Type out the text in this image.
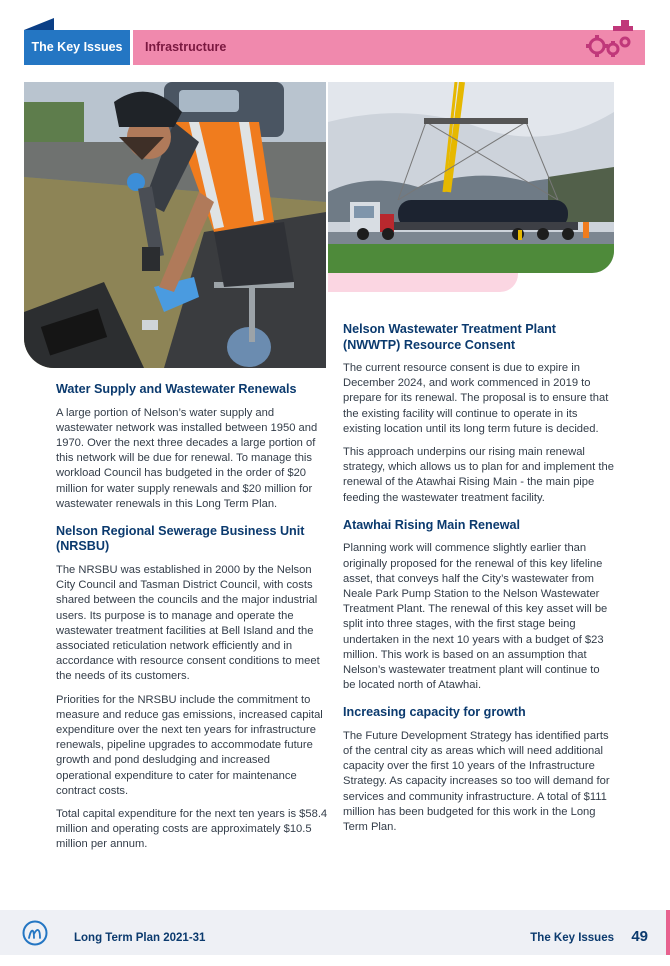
The Key Issues	Infrastructure
Water Supply and Wastewater Renewals

A large portion of Nelson’s water supply and wastewater network was installed between 1950 and 1970. Over the next three decades a large portion of this network will be due for renewal. To manage this workload Council has budgeted in the order of $20 million for water supply renewals and $20 million for wastewater renewals in this Long Term Plan.

Nelson Regional Sewerage Business Unit (NRSBU)

The NRSBU was established in 2000 by the Nelson City Council and Tasman District Council, with costs shared between the councils and the major industrial users. Its purpose is to manage and operate the wastewater treatment facilities at Bell Island and the associated reticulation network efficiently and in accordance with resource consent conditions to meet the needs of its customers.

Priorities for the NRSBU include the commitment to measure and reduce gas emissions, increased capital expenditure over the next ten years for infrastructure renewals, pipeline upgrades to accommodate future growth and pond desludging and increased operational expenditure to cater for maintenance contract costs.

Total capital expenditure for the next ten years is $58.4 million and operating costs are approximately $10.5 million per annum.

Nelson Wastewater Treatment Plant (NWWTP) Resource Consent

The current resource consent is due to expire in December 2024, and work commenced in 2019 to prepare for its renewal. The proposal is to ensure that the existing facility will continue to operate in its existing location until its long term future is decided.

This approach underpins our rising main renewal strategy, which allows us to plan for and implement the renewal of the Atawhai Rising Main - the main pipe feeding the wastewater treatment facility.

Atawhai Rising Main Renewal

Planning work will commence slightly earlier than originally proposed for the renewal of this key lifeline asset, that conveys half the City’s wastewater from Neale Park Pump Station to the Nelson Wastewater Treatment Plant. The renewal of this key asset will be split into three stages, with the first stage being undertaken in the next 10 years with a budget of $23 million. This work is based on an assumption that Nelson’s wastewater treatment plant will continue to be located north of Atawhai.

Increasing capacity for growth

The Future Development Strategy has identified parts of the central city as areas which will need additional capacity over the first 10 years of the Infrastructure Strategy. As capacity increases so too will demand for services and community infrastructure. A total of $111 million has been budgeted for this work in the Long Term Plan.

Long Term Plan 2021-31	The Key Issues 49
